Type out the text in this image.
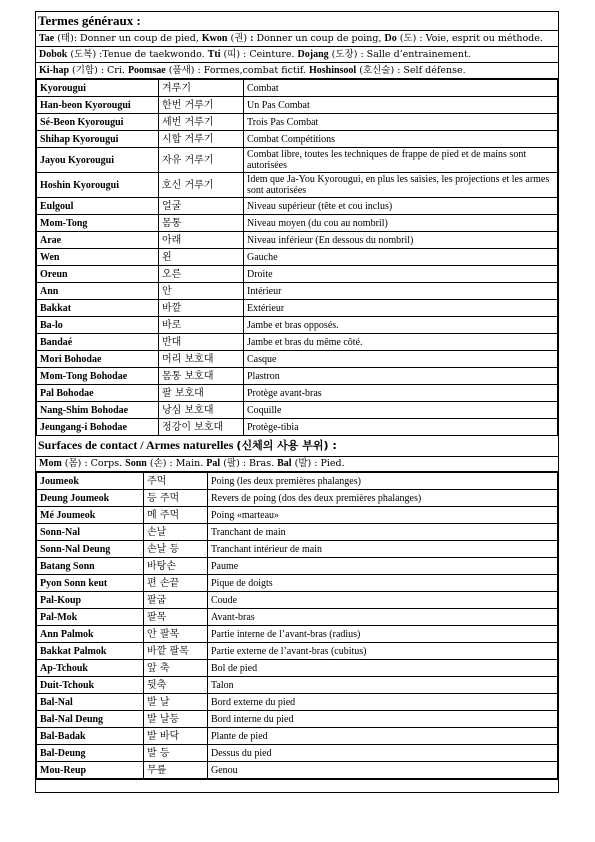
Termes généraux :
Tae (태): Donner un coup de pied, Kwon (권) : Donner un coup de poing, Do (도) : Voie, esprit ou méthode.
Dobok (도복) :Tenue de taekwondo. Tti (띠) : Ceinture. Dojang (도장) : Salle d’entrainement.
Ki-hap (기합) : Cri. Poomsae (품새) : Formes,combat fictif. Hoshinsool (호신술) : Self défense.
Kyorougui	겨루기	Combat
Han-beon Kyorougui	한번 거루기	Un Pas Combat
Sé-Beon Kyorougui	세번 거루기	Trois Pas Combat
Shihap Kyorougui	시합 거루기	Combat Compétitions
Jayou Kyorougui	자유 거루기	Combat libre, toutes les techniques de frappe de pied et de mains sont autorisées
Hoshin Kyorougui	호신 거루기	Idem que Ja-You Kyorougui, en plus les saisies, les projections et les armes sont autorisées
Eulgoul	얼굴	Niveau supérieur (tête et cou inclus)
Mom-Tong	몸통	Niveau moyen (du cou au nombril)
Arae	아래	Niveau inférieur (En dessous du nombril)
Wen	왼	Gauche
Oreun	오른	Droite
Ann	안	Intérieur
Bakkat	바깥	Extérieur
Ba-lo	바로	Jambe et bras opposés.
Bandaé	반대	Jambe et bras du même côté.
Mori Bohodae	머리 보호대	Casque
Mom-Tong Bohodae	몸통 보호대	Plastron
Pal Bohodae	팔 보호대	Protège avant-bras
Nang-Shim Bohodae	낭심 보호대	Coquille
Jeungang-i Bohodae	정강이 보호대	Protège-tibia
Surfaces de contact / Armes naturelles (신체의 사용 부위) :
Mom (몸) : Corps. Sonn (손) : Main. Pal (팔) : Bras. Bal (발) : Pied.
Joumeok	주먹	Poing (les deux premières phalanges)
Deung Joumeok	등 주먹	Revers de poing (dos des deux premières phalanges)
Mé Joumeok	메 주먹	Poing «marteau»
Sonn-Nal	손날	Tranchant de main
Sonn-Nal Deung	손날 등	Tranchant intérieur de main
Batang Sonn	바탕손	Paume
Pyon Sonn keut	편 손끝	Pique de doigts
Pal-Koup	팔굽	Coude
Pal-Mok	팔목	Avant-bras
Ann Palmok	안 팔목	Partie interne de l’avant-bras (radius)
Bakkat Palmok	바깥 팔목	Partie externe de l’avant-bras (cubitus)
Ap-Tchouk	앞 축	Bol de pied
Duit-Tchouk	뒷축	Talon
Bal-Nal	발 날	Bord externe du pied
Bal-Nal Deung	발 날등	Bord interne du pied
Bal-Badak	발 바닥	Plante de pied
Bal-Deung	발 등	Dessus du pied
Mou-Reup	무릎	Genou
